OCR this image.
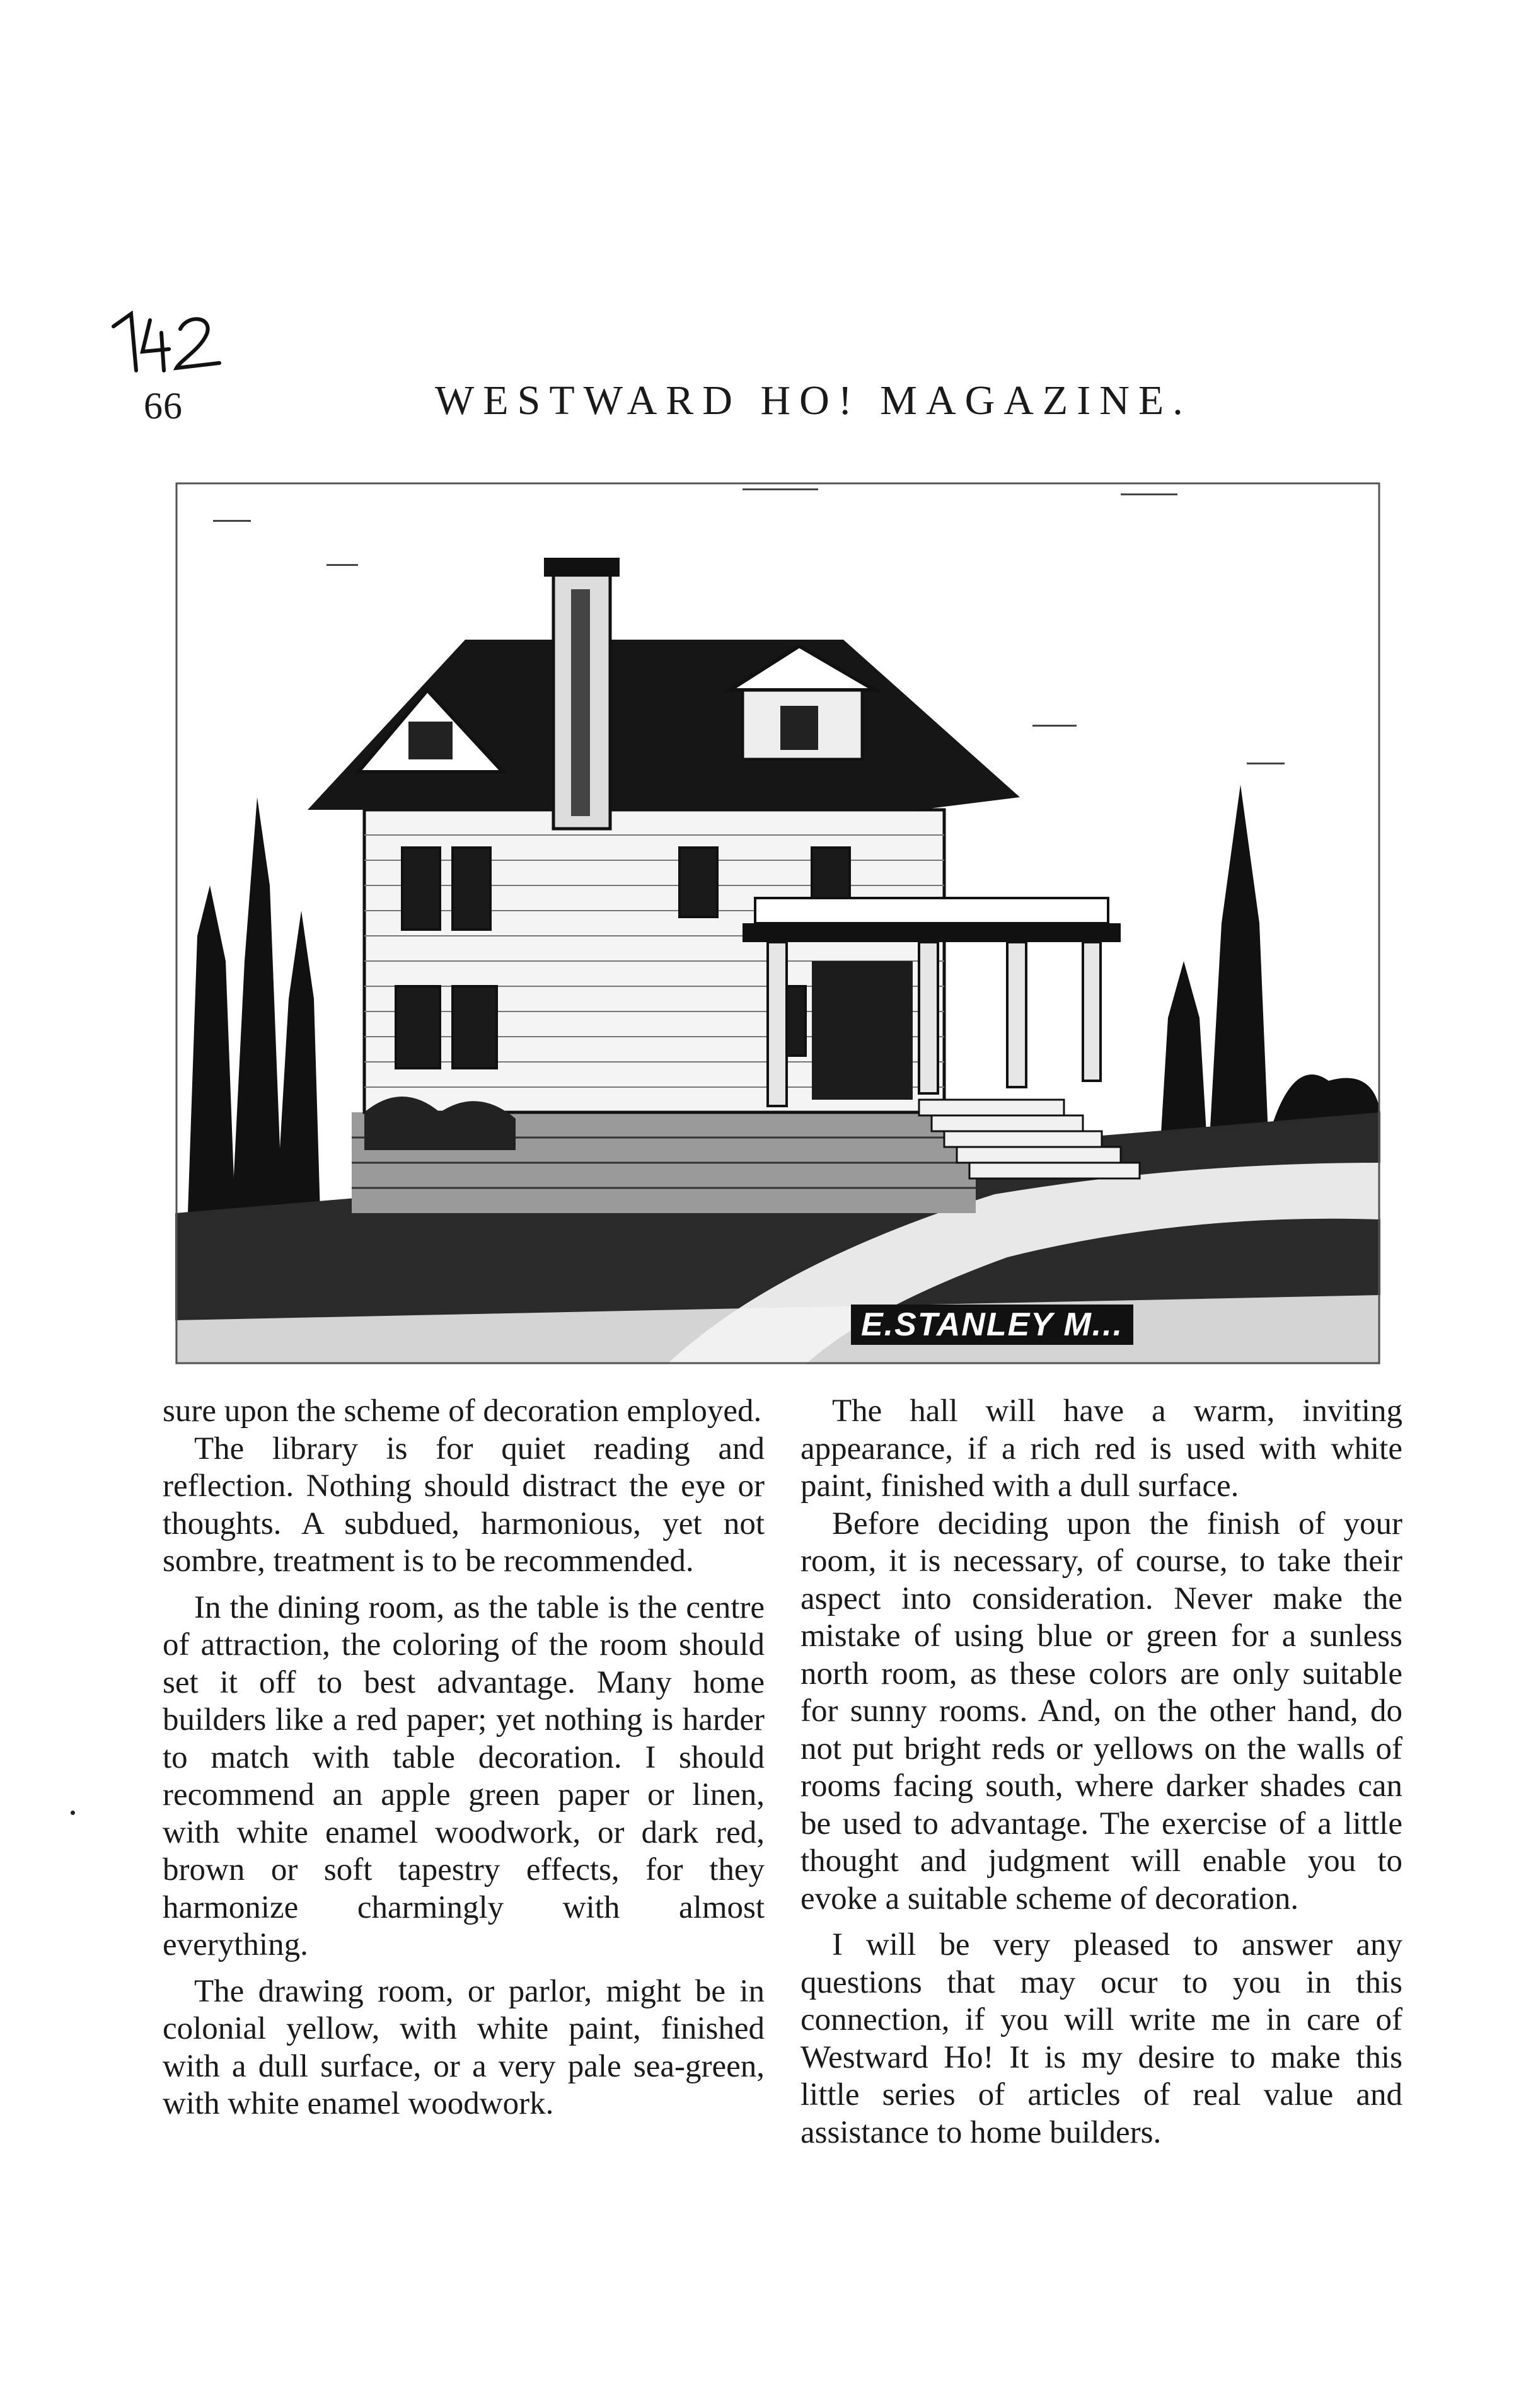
66	WESTWARD HO! MAGAZINE.
E.STANLEY M...

sure upon the scheme of decoration employed.

The library is for quiet reading and reflection. Nothing should distract the eye or thoughts. A subdued, harmonious, yet not sombre, treatment is to be recommended.

In the dining room, as the table is the centre of attraction, the coloring of the room should set it off to best advantage. Many home builders like a red paper; yet nothing is harder to match with table decoration. I should recommend an apple green paper or linen, with white enamel woodwork, or dark red, brown or soft tapestry effects, for they harmonize charmingly with almost everything.

The drawing room, or parlor, might be in colonial yellow, with white paint, finished with a dull surface, or a very pale sea-green, with white enamel woodwork.

The hall will have a warm, inviting appearance, if a rich red is used with white paint, finished with a dull surface.

Before deciding upon the finish of your room, it is necessary, of course, to take their aspect into consideration. Never make the mistake of using blue or green for a sunless north room, as these colors are only suitable for sunny rooms. And, on the other hand, do not put bright reds or yellows on the walls of rooms facing south, where darker shades can be used to advantage. The exercise of a little thought and judgment will enable you to evoke a suitable scheme of decoration.

I will be very pleased to answer any questions that may ocur to you in this connection, if you will write me in care of Westward Ho! It is my desire to make this little series of articles of real value and assistance to home builders.
